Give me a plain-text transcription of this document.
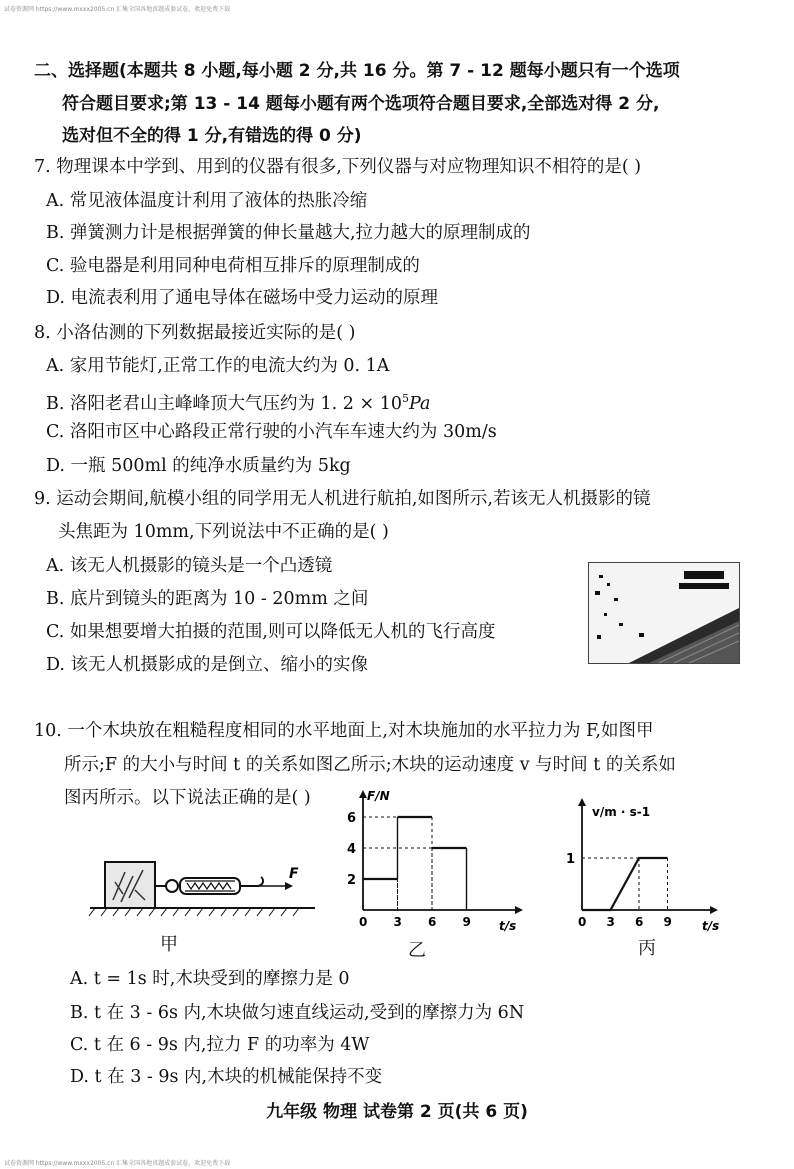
试卷资源网 https://www.mxxx2005.cn 汇集全国各地真题成套试卷，欢迎免费下载
二、选择题(本题共 8 小题,每小题 2 分,共 16 分。第 7 - 12 题每小题只有一个选项
符合题目要求;第 13 - 14 题每小题有两个选项符合题目要求,全部选对得 2 分,
选对但不全的得 1 分,有错选的得 0 分)
7. 物理课本中学到、用到的仪器有很多,下列仪器与对应物理知识不相符的是( )
A. 常见液体温度计利用了液体的热胀冷缩
B. 弹簧测力计是根据弹簧的伸长量越大,拉力越大的原理制成的
C. 验电器是利用同种电荷相互排斥的原理制成的
D. 电流表利用了通电导体在磁场中受力运动的原理
8. 小洛估测的下列数据最接近实际的是( )
A. 家用节能灯,正常工作的电流大约为 0. 1A
B. 洛阳老君山主峰峰顶大气压约为 1. $2 \times 10^5Pa$
C. 洛阳市区中心路段正常行驶的小汽车车速大约为 30m/s
D. 一瓶 500ml 的纯净水质量约为 5kg
9. 运动会期间,航模小组的同学用无人机进行航拍,如图所示,若该无人机摄影的镜
头焦距为 10mm,下列说法中不正确的是( )
A. 该无人机摄影的镜头是一个凸透镜
B. 底片到镜头的距离为 10 - 20mm 之间
C. 如果想要增大拍摄的范围,则可以降低无人机的飞行高度
D. 该无人机摄影成的是倒立、缩小的实像
10. 一个木块放在粗糙程度相同的水平地面上,对木块施加的水平拉力为 F,如图甲
所示;F 的大小与时间 t 的关系如图乙所示;木块的运动速度 v 与时间 t 的关系如
图丙所示。以下说法正确的是( )
F
甲
F/N
t/s
0 3 6 9
2
4
6
乙
v/m · s-1
t/s
0 3 6 9
1
丙
A. t = 1s 时,木块受到的摩擦力是 0
B. t 在 3 - 6s 内,木块做匀速直线运动,受到的摩擦力为 6N
C. t 在 6 - 9s 内,拉力 F 的功率为 4W
D. t 在 3 - 9s 内,木块的机械能保持不变
九年级 物理 试卷第 2 页(共 6 页)
试卷资源网 https://www.mxxx2005.cn 汇集全国各地真题成套试卷，欢迎免费下载
